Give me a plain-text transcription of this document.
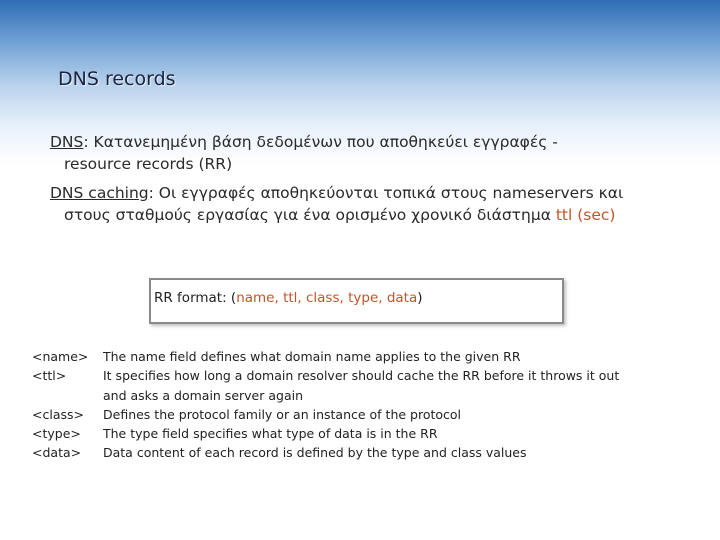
DNS records
DNS: Κατανεμημένη βάση δεδομένων που αποθηκεύει εγγραφές -
resource records (RR)
DNS caching: Οι εγγραφές αποθηκεύονται τοπικά στους nameservers και
στους σταθμούς εργασίας για ένα ορισμένο χρονικό διάστημα ttl (sec)
RR format: (name, ttl, class, type, data)
<name>	The name field defines what domain name applies to the given RR
<ttl>	It specifies how long a domain resolver should cache the RR before it throws it out
and asks a domain server again
<class>	Defines the protocol family or an instance of the protocol
<type>	The type field specifies what type of data is in the RR
<data>	Data content of each record is defined by the type and class values
